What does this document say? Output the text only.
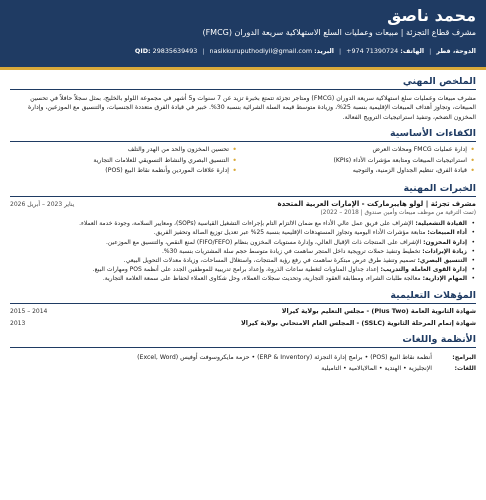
محمد ناصق
مشرف قطاع التجزئة | مبيعات وعمليات السلع الاستهلاكية سريعة الدوران (FMCG)
الدوحة، قطر
|
الهاتف: +974 71390724
|
البريد: nasikkuruputhodiyil@gmail.com
|
QID: 29835639493
الملخص المهني

مشرف مبيعات وعمليات سلع استهلاكية سريعة الدوران (FMCG) ومتاجر تجزئة تتمتع بخبرة تزيد عن 7 سنوات و5 أشهر في مجموعة اللولو بالخليج، بمثل سجلاً حافلاً في تحسين المبيعات، وتجاوز أهداف المبيعات الإقليمية بنسبة 25%، وزيادة متوسط قيمة السلة الشرائية بنسبة 30%. خبير في قيادة الفرق متعددة الجنسيات، والتنسيق مع الموزعين، وإدارة المخزون الضخم، وتنفيذ استراتيجيات الترويج الفعالة.

الكفاءات الأساسية
• إدارة عمليات FMCG ومحلات العرض
• استراتيجيات المبيعات ومتابعة مؤشرات الأداء (KPIs)
• قيادة الفرق، تنظيم الجداول الزمنية، والتوجيه
• تحسين المخزون والحد من الهدر والتلف
• التنسيق البصري والنشاط التسويقي للعلامات التجارية
• إدارة علاقات الموردين وأنظمة نقاط البيع (POS)
الخبرات المهنية
مشرف تجزئة | لولو هايبرماركت - الإمارات العربية المتحدة
يناير 2023 – أبريل 2026
(تمت الترقية من موظف مبيعات وأمين صندوق | 2018 – 2022)
• القيادة التشغيلية: الإشراف على فريق عمل عالي الأداء مع ضمان الالتزام التام بإجراءات التشغيل القياسية (SOPs)، ومعايير السلامة، وجودة خدمة العملاء.
• أداء المبيعات: متابعة مؤشرات الأداء اليومية وتجاوز المستهدفات الإقليمية بنسبة 25% عبر تعديل توزيع الصالة وتحفيز الفريق.
• إدارة المخزون: الإشراف على المنتجات ذات الإقبال العالي، وإدارة مستويات المخزون بنظام (FIFO/FEFO) لمنع النقص، والتنسيق مع الموزعين.
• زيادة الإيرادات: تخطيط وتنفيذ حملات ترويجية داخل المتجر ساهمت في زيادة متوسط حجم سلة المشتريات بنسبة 30%.
• التنسيق البصري: تصميم وتنفيذ طرق عرض مبتكرة ساهمت في رفع رؤية المنتجات، واستغلال المساحات، وزيادة معدلات التحويل البيعي.
• إدارة القوى العاملة والتدريب: إعداد جداول المناوبات لتغطية ساعات الذروة، وإعداد برامج تدريبية للموظفين الجدد على أنظمة POS ومهارات البيع.
• المهام الإدارية: معالجة طلبات الشراء، ومطابقة العقود التجارية، وتحديث سجلات العملاء، وحل شكاوى العملاء لحفاظ على سمعة العلامة التجارية.
المؤهلات التعليمية
شهادة الثانوية العامة (Plus Two) - مجلس التعليم بولاية كيرالا
2014 – 2015
شهادة إتمام المرحلة الثانوية (SSLC) - المجلس العام الامتحاني بولاية كيرالا
2013
الأنظمة واللغات
البرامج:
أنظمة نقاط البيع (POS) • برامج إدارة التجزئة (ERP & Inventory) • حزمة مايكروسوفت أوفيس (Excel, Word)
اللغات:
الإنجليزية • الهندية • المالايالامية • التاميلية
